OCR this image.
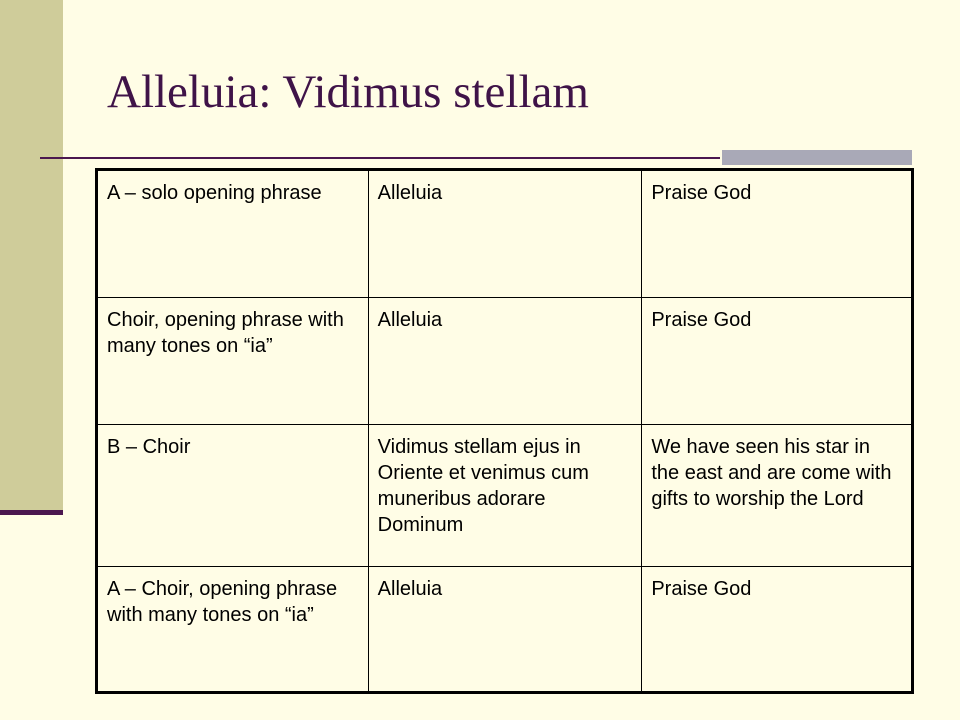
Alleluia: Vidimus stellam
A – solo opening phrase	Alleluia	Praise God
Choir, opening phrase with many tones on “ia”	Alleluia	Praise God
B – Choir	Vidimus stellam ejus in Oriente et venimus cum muneribus adorare Dominum	We have seen his star in the east and are come with gifts to worship the Lord
A – Choir, opening phrase with many tones on “ia”	Alleluia	Praise God
